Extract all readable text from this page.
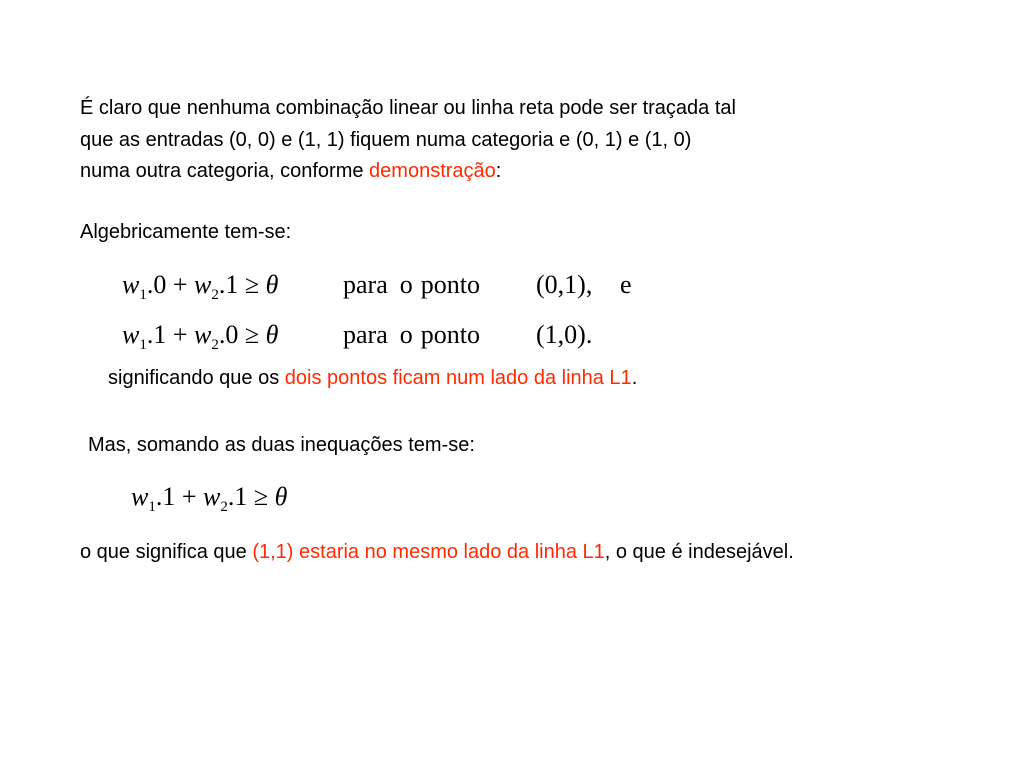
É claro que nenhuma combinação linear ou linha reta pode ser traçada tal
que as entradas (0, 0) e (1, 1) fiquem numa categoria e (0, 1) e (1, 0)
numa outra categoria, conforme demonstração:
Algebricamente tem-se:
$w_1.0 + w_2.1 \ge \theta$ para o ponto (0,1), e
$w_1.1 + w_2.0 \ge \theta$ para o ponto (1,0).
significando que os dois pontos ficam num lado da linha L1.
Mas, somando as duas inequações tem-se:
$w_1.1 + w_2.1 \ge \theta$
o que significa que (1,1) estaria no mesmo lado da linha L1, o que é indesejável.
